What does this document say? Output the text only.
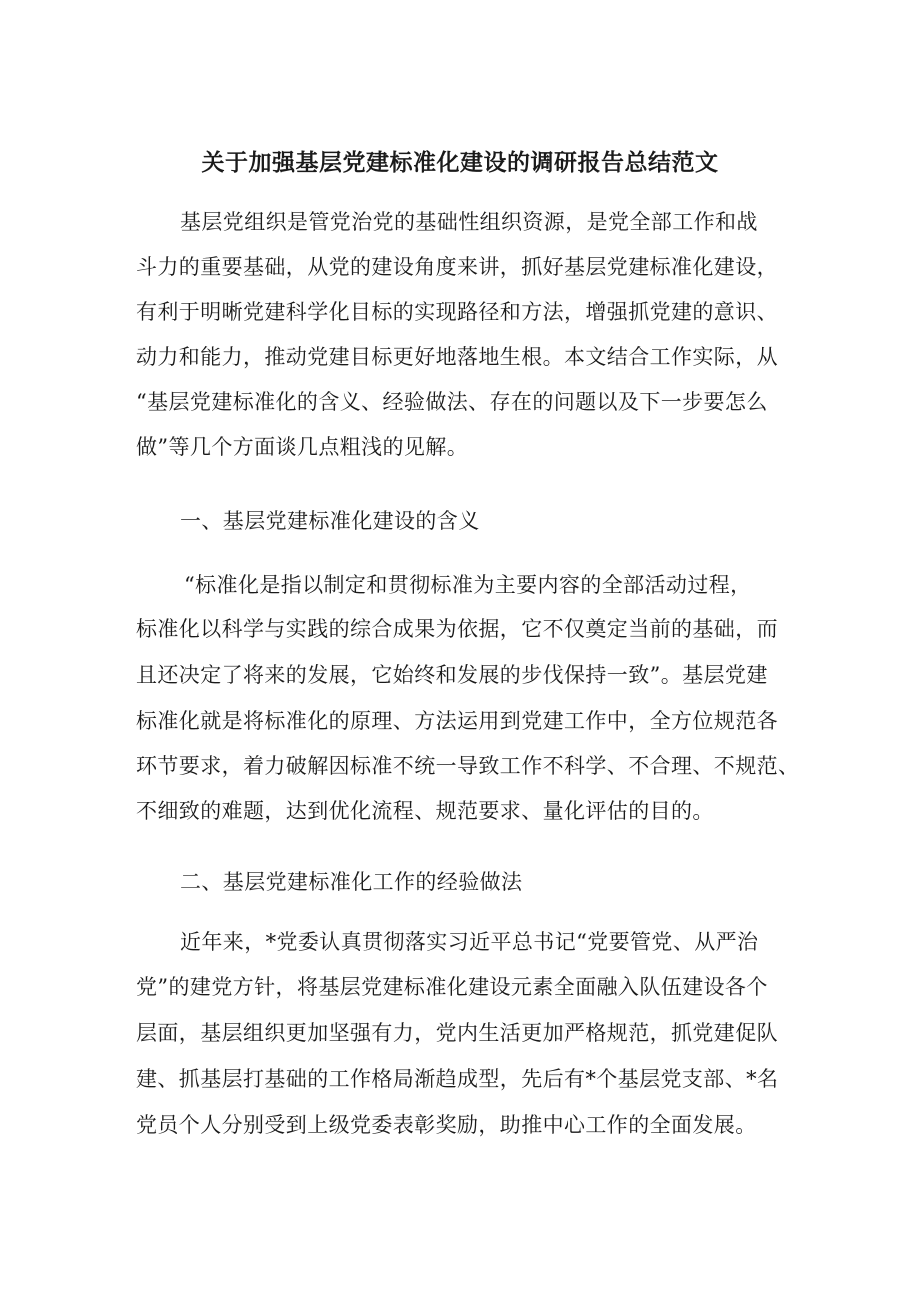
关于加强基层党建标准化建设的调研报告总结范文
基层党组织是管党治党的基础性组织资源，是党全部工作和战
斗力的重要基础，从党的建设角度来讲，抓好基层党建标准化建设，
有利于明晰党建科学化目标的实现路径和方法，增强抓党建的意识、
动力和能力，推动党建目标更好地落地生根。本文结合工作实际，从
“基层党建标准化的含义、经验做法、存在的问题以及下一步要怎么
做”等几个方面谈几点粗浅的见解。
一、基层党建标准化建设的含义
“标准化是指以制定和贯彻标准为主要内容的全部活动过程，
标准化以科学与实践的综合成果为依据，它不仅奠定当前的基础，而
且还决定了将来的发展，它始终和发展的步伐保持一致”。基层党建
标准化就是将标准化的原理、方法运用到党建工作中，全方位规范各
环节要求，着力破解因标准不统一导致工作不科学、不合理、不规范、
不细致的难题，达到优化流程、规范要求、量化评估的目的。
二、基层党建标准化工作的经验做法
近年来，*党委认真贯彻落实习近平总书记“党要管党、从严治
党”的建党方针，将基层党建标准化建设元素全面融入队伍建设各个
层面，基层组织更加坚强有力，党内生活更加严格规范，抓党建促队
建、抓基层打基础的工作格局渐趋成型，先后有*个基层党支部、*名
党员个人分别受到上级党委表彰奖励，助推中心工作的全面发展。
